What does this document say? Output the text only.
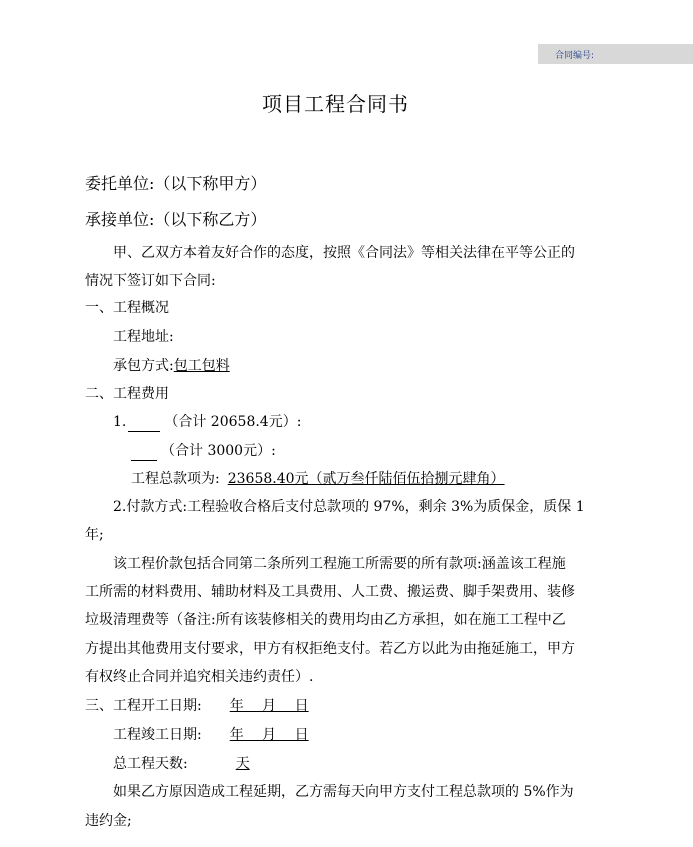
合同编号:
项目工程合同书
委托单位:（以下称甲方）
承接单位:（以下称乙方）
甲、乙双方本着友好合作的态度，按照《合同法》等相关法律在平等公正的
情况下签订如下合同:
一、工程概况
工程地址:
承包方式:包工包料
二、工程费用
1.	（合计 20658.4元）:
（合计 3000元）:
工程总款项为: 23658.40元（贰万叁仟陆佰伍拾捌元肆角）
2.付款方式:工程验收合格后支付总款项的 97%，剩余 3%为质保金，质保 1
年;
该工程价款包括合同第二条所列工程施工所需要的所有款项:涵盖该工程施
工所需的材料费用、辅助材料及工具费用、人工费、搬运费、脚手架费用、装修
垃圾清理费等（备注:所有该装修相关的费用均由乙方承担，如在施工工程中乙
方提出其他费用支付要求，甲方有权拒绝支付。若乙方以此为由拖延施工，甲方
有权终止合同并追究相关违约责任）.
三、工程开工日期: 年 月 日
工程竣工日期: 年 月 日
总工程天数:	天
如果乙方原因造成工程延期，乙方需每天向甲方支付工程总款项的 5%作为
违约金;
